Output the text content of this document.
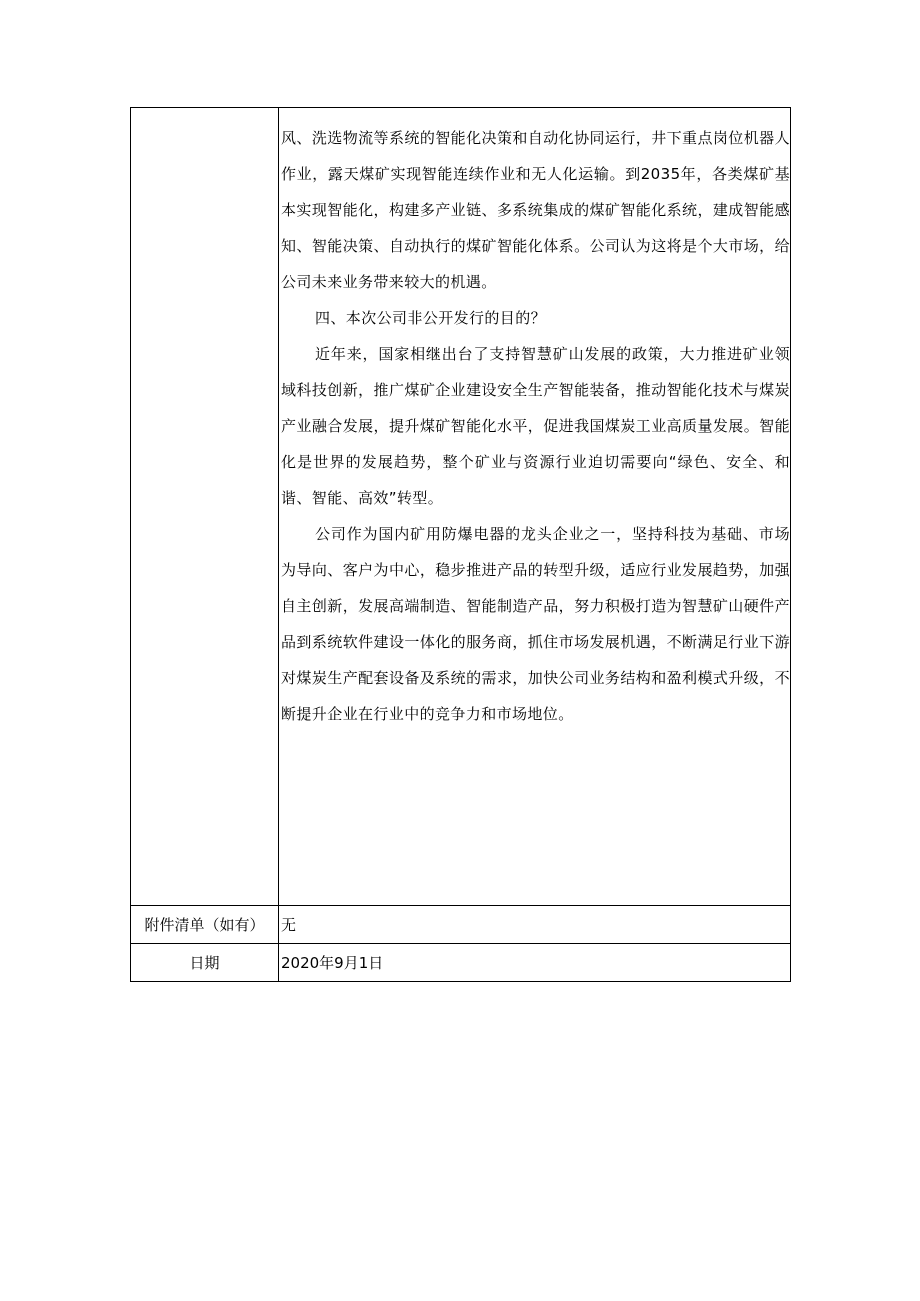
	风、洗选物流等系统的智能化决策和自动化协同运行，井下重点岗位机器人作业，露天煤矿实现智能连续作业和无人化运输。到2035年，各类煤矿基本实现智能化，构建多产业链、多系统集成的煤矿智能化系统，建成智能感知、智能决策、自动执行的煤矿智能化体系。公司认为这将是个大市场，给公司未来业务带来较大的机遇。

四、本次公司非公开发行的目的？

近年来，国家相继出台了支持智慧矿山发展的政策，大力推进矿业领域科技创新，推广煤矿企业建设安全生产智能装备，推动智能化技术与煤炭产业融合发展，提升煤矿智能化水平，促进我国煤炭工业高质量发展。智能化是世界的发展趋势，整个矿业与资源行业迫切需要向“绿色、安全、和谐、智能、高效”转型。

公司作为国内矿用防爆电器的龙头企业之一，坚持科技为基础、市场为导向、客户为中心，稳步推进产品的转型升级，适应行业发展趋势，加强自主创新，发展高端制造、智能制造产品，努力积极打造为智慧矿山硬件产品到系统软件建设一体化的服务商，抓住市场发展机遇，不断满足行业下游对煤炭生产配套设备及系统的需求，加快公司业务结构和盈利模式升级，不断提升企业在行业中的竞争力和市场地位。

附件清单（如有）	无
日期	2020年9月1日
